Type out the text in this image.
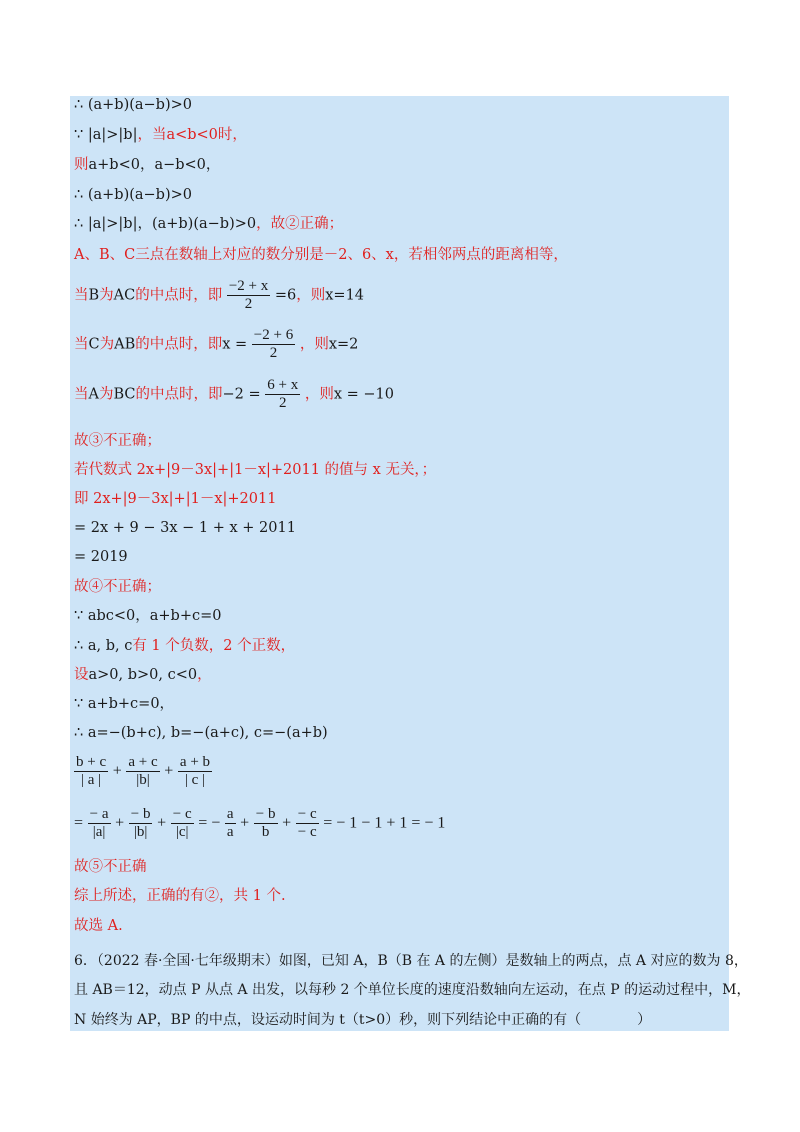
∴ (a+b)(a−b)>0
∵ |a|>|b|，当a<b<0时，
则a+b<0，a−b<0，
∴ (a+b)(a−b)>0
∴ |a|>|b|，(a+b)(a−b)>0，故②正确；
A、B、C三点在数轴上对应的数分别是－2、6、x，若相邻两点的距离相等，
当B为AC的中点时，即 $\frac{-2 + x}{2} =6$，则x=14
当C为AB的中点时，即$x = \frac{-2 + 6}{2}$ ，则x=2
当A为BC的中点时，即$-2 = \frac{6 + x}{2}$ ，则x = −10
故③不正确；
若代数式 2x+|9－3x|+|1－x|+2011 的值与 x 无关，；
即 2x+|9－3x|+|1－x|+2011
= 2x + 9 − 3x − 1 + x + 2011
= 2019
故④不正确；
∵ abc<0，a+b+c=0
∴ a, b, c有 1 个负数，2 个正数，
设a>0, b>0, c<0，
∵ a+b+c=0，
∴ a=−(b+c), b=−(a+c), c=−(a+b)
$\frac{b + c}{| a |} + \frac{a + c}{|b|} + \frac{a + b}{| c |}$
= $\frac{- a}{|a|} + \frac{- b}{|b|} + \frac{- c}{|c|}$ = − $\frac{a}{a} + \frac{- b}{b} + \frac{- c}{- c}$ = − 1 − 1 + 1 = − 1
故⑤不正确
综上所述，正确的有②，共 1 个.
故选 A.
6．（2022 春·全国·七年级期末）如图，已知 A，B（B 在 A 的左侧）是数轴上的两点，点 A 对应的数为 8，
且 AB＝12，动点 P 从点 A 出发，以每秒 2 个单位长度的速度沿数轴向左运动，在点 P 的运动过程中，M，
N 始终为 AP，BP 的中点，设运动时间为 t（t>0）秒，则下列结论中正确的有（　　　　）
